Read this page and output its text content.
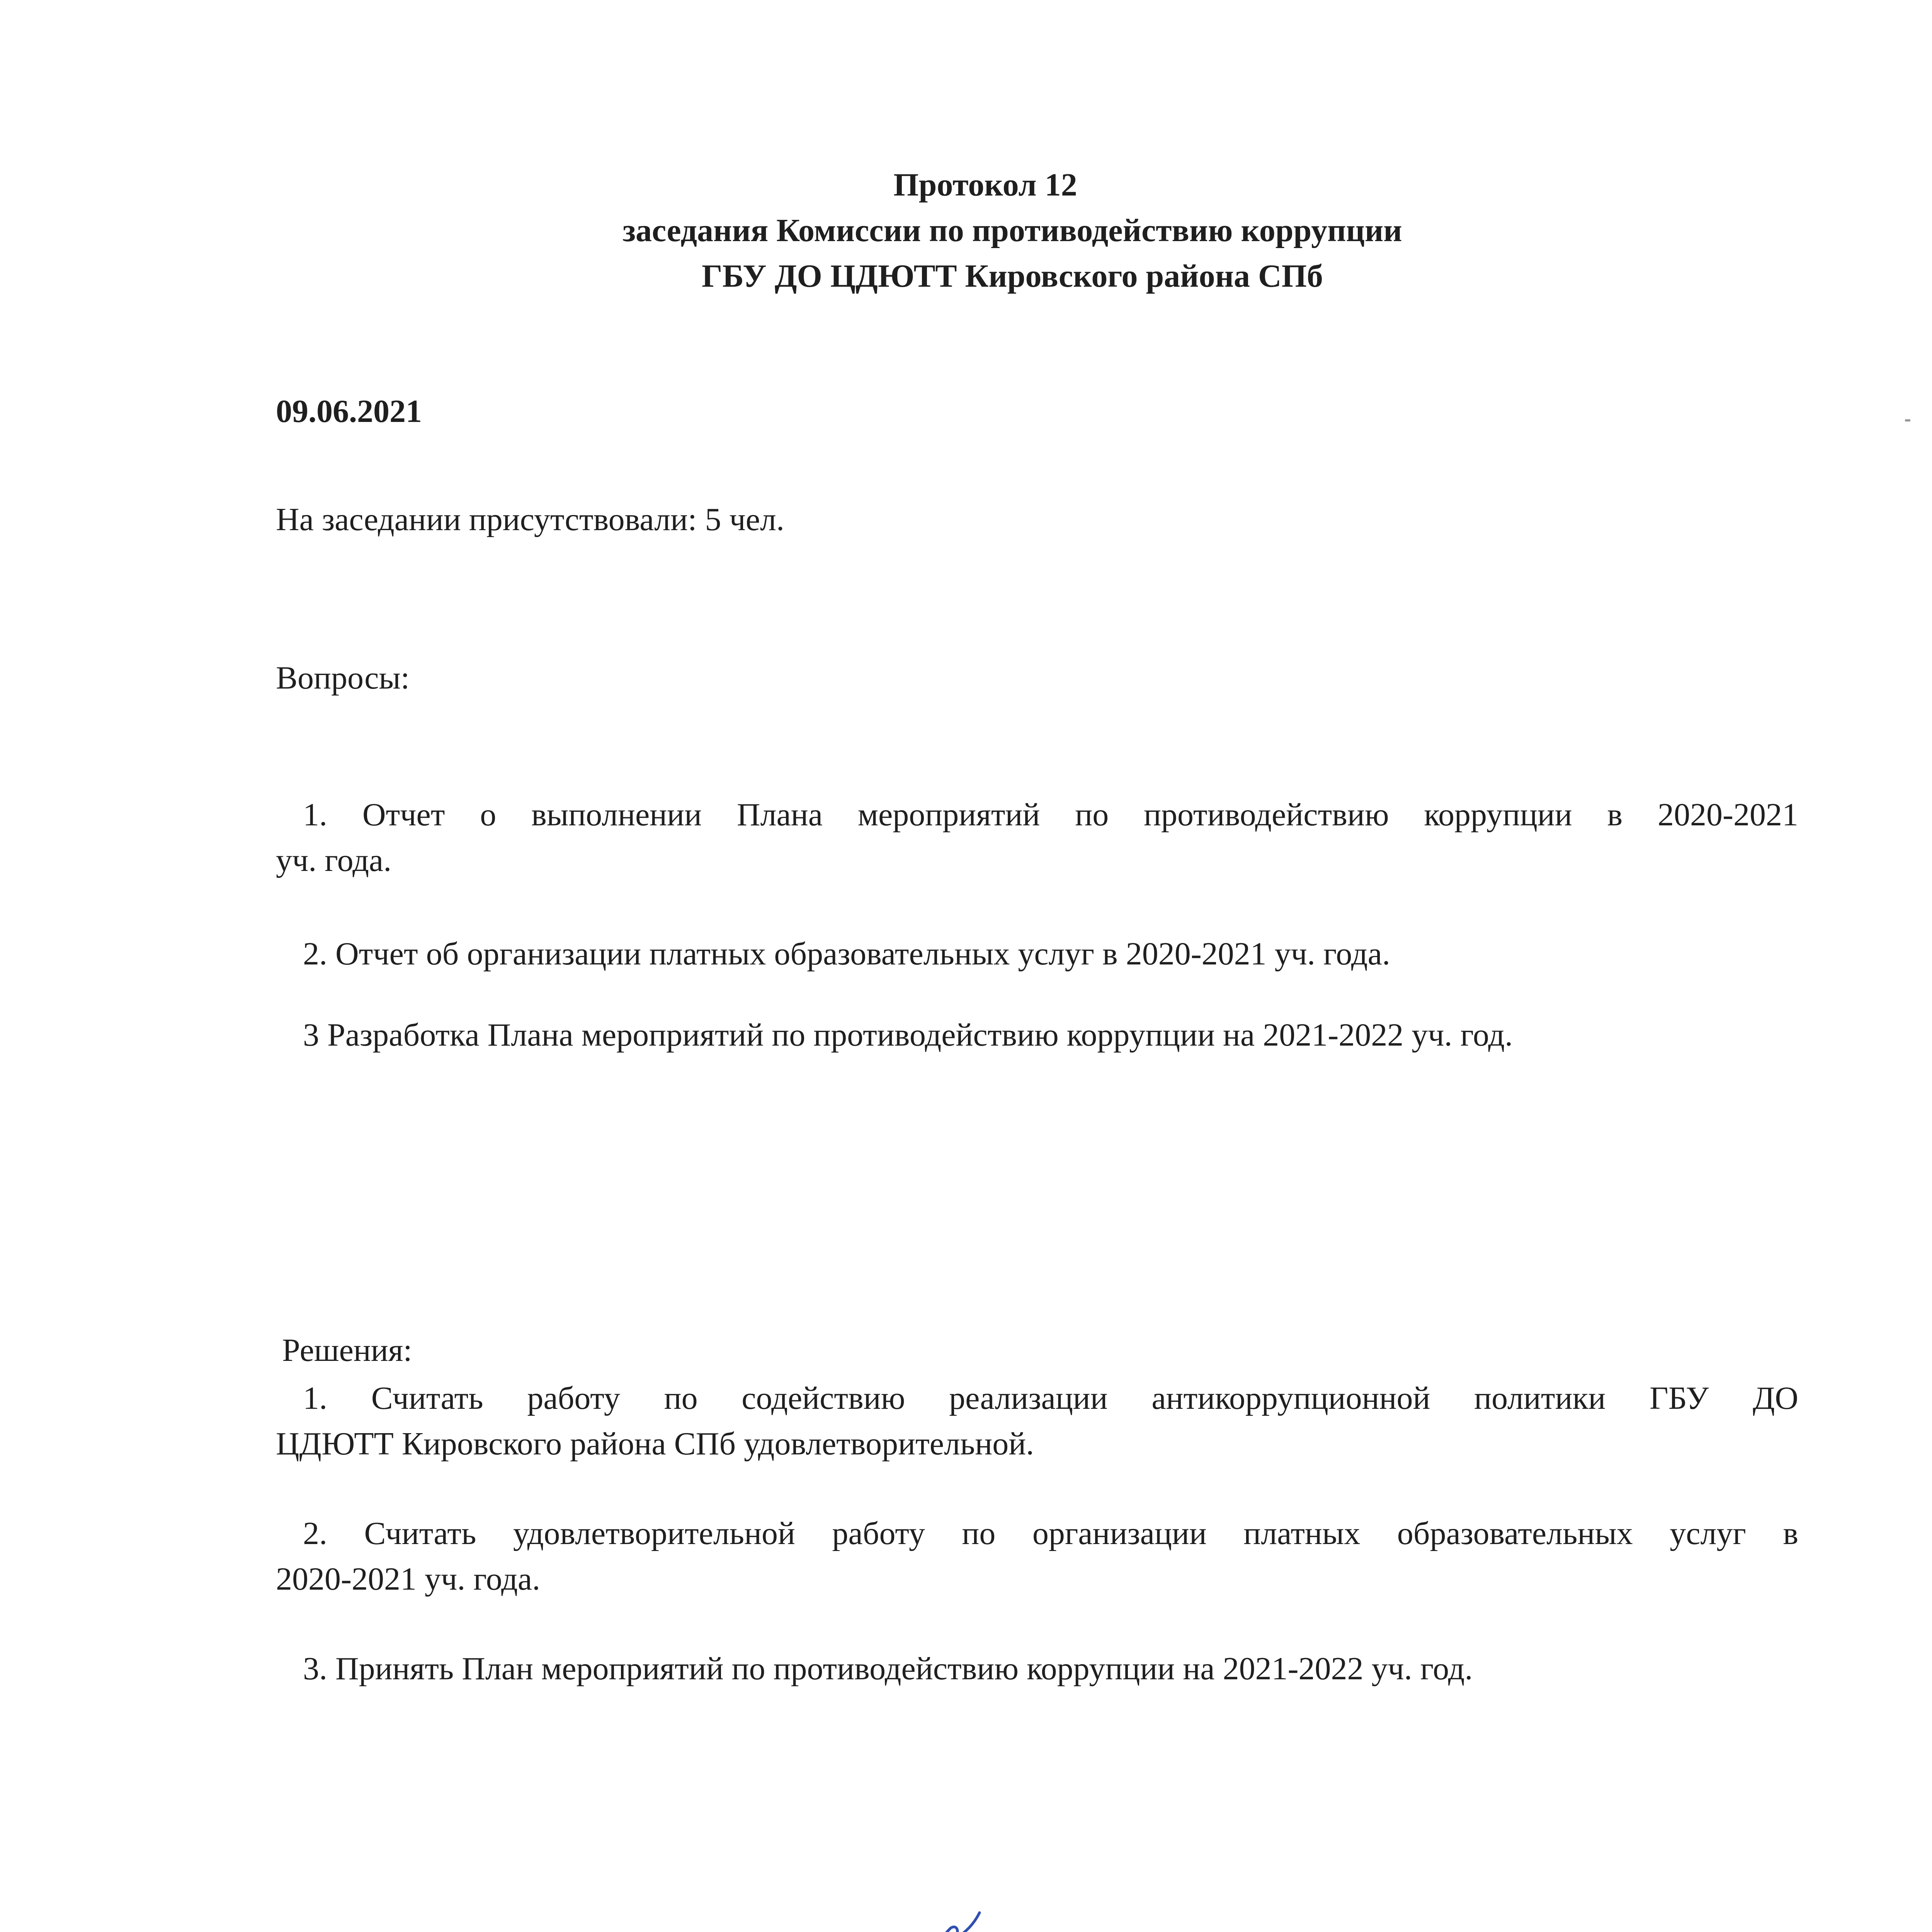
Протокол 12
заседания Комиссии по противодействию коррупции
ГБУ ДО ЦДЮТТ Кировского района СПб
09.06.2021
На заседании присутствовали: 5 чел.
Вопросы:
1. Отчет о выполнении Плана мероприятий по противодействию коррупции в 2020-2021
уч. года.
2. Отчет об организации платных образовательных услуг в 2020-2021 уч. года.
3 Разработка Плана мероприятий по противодействию коррупции на 2021-2022 уч. год.
Решения:
1. Считать работу по содействию реализации антикоррупционной политики ГБУ ДО
ЦДЮТТ Кировского района СПб удовлетворительной.
2. Считать удовлетворительной работу по организации платных образовательных услуг в
2020-2021 уч. года.
3. Принять План мероприятий по противодействию коррупции на 2021-2022 уч. год.
